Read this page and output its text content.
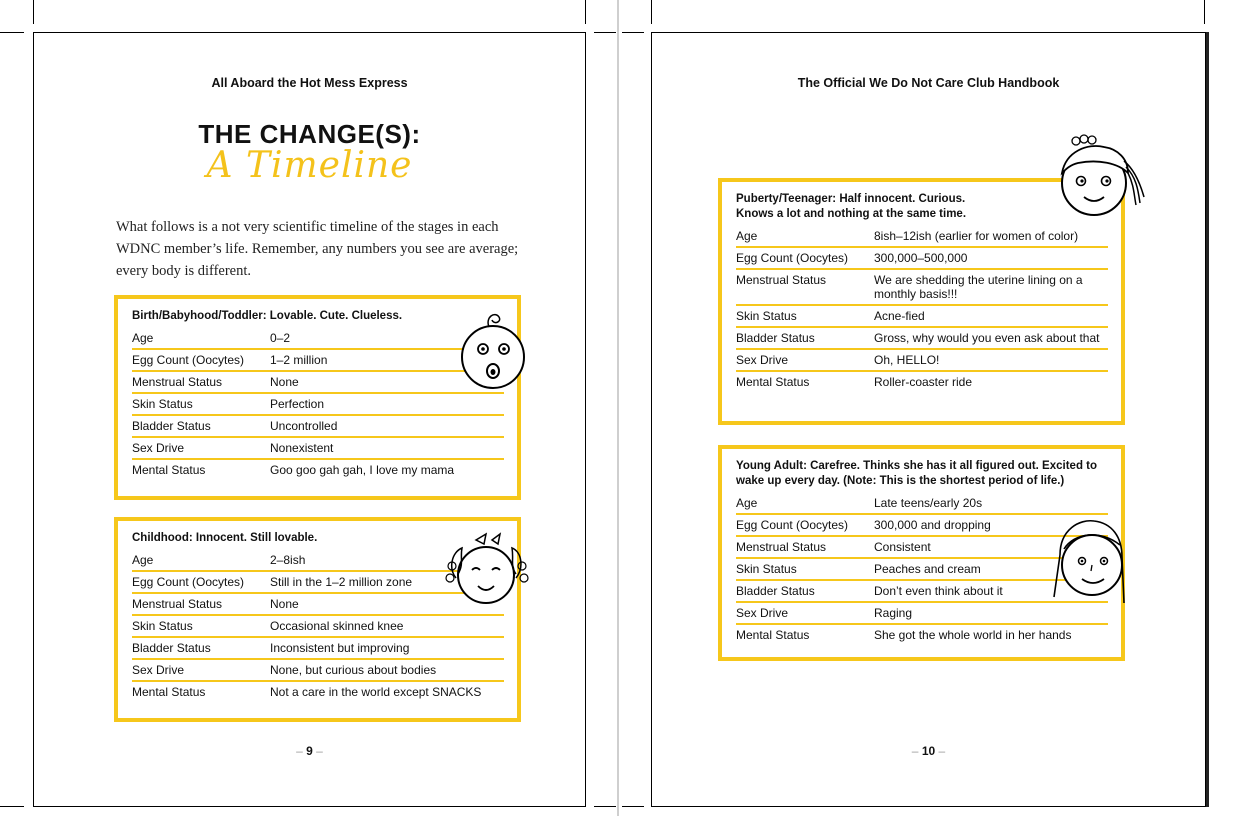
All Aboard the Hot Mess Express
THE CHANGE(S):
A Timeline
What follows is a not very scientific timeline of the stages in each WDNC member’s life. Remember, any numbers you see are average; every body is different.
Birth/Babyhood/Toddler: Lovable. Cute. Clueless.
Age	0–2
Egg Count (Oocytes)	1–2 million
Menstrual Status	None
Skin Status	Perfection
Bladder Status	Uncontrolled
Sex Drive	Nonexistent
Mental Status	Goo goo gah gah, I love my mama
Childhood: Innocent. Still lovable.
Age	2–8ish
Egg Count (Oocytes)	Still in the 1–2 million zone
Menstrual Status	None
Skin Status	Occasional skinned knee
Bladder Status	Inconsistent but improving
Sex Drive	None, but curious about bodies
Mental Status	Not a care in the world except SNACKS
– 9 –
The Official We Do Not Care Club Handbook
Puberty/Teenager: Half innocent. Curious. Knows a lot and nothing at the same time.
Age	8ish–12ish (earlier for women of color)
Egg Count (Oocytes)	300,000–500,000
Menstrual Status	We are shedding the uterine lining on a monthly basis!!!
Skin Status	Acne-fied
Bladder Status	Gross, why would you even ask about that
Sex Drive	Oh, HELLO!
Mental Status	Roller-coaster ride
Young Adult: Carefree. Thinks she has it all figured out. Excited to wake up every day. (Note: This is the shortest period of life.)
Age	Late teens/early 20s
Egg Count (Oocytes)	300,000 and dropping
Menstrual Status	Consistent
Skin Status	Peaches and cream
Bladder Status	Don’t even think about it
Sex Drive	Raging
Mental Status	She got the whole world in her hands
– 10 –
